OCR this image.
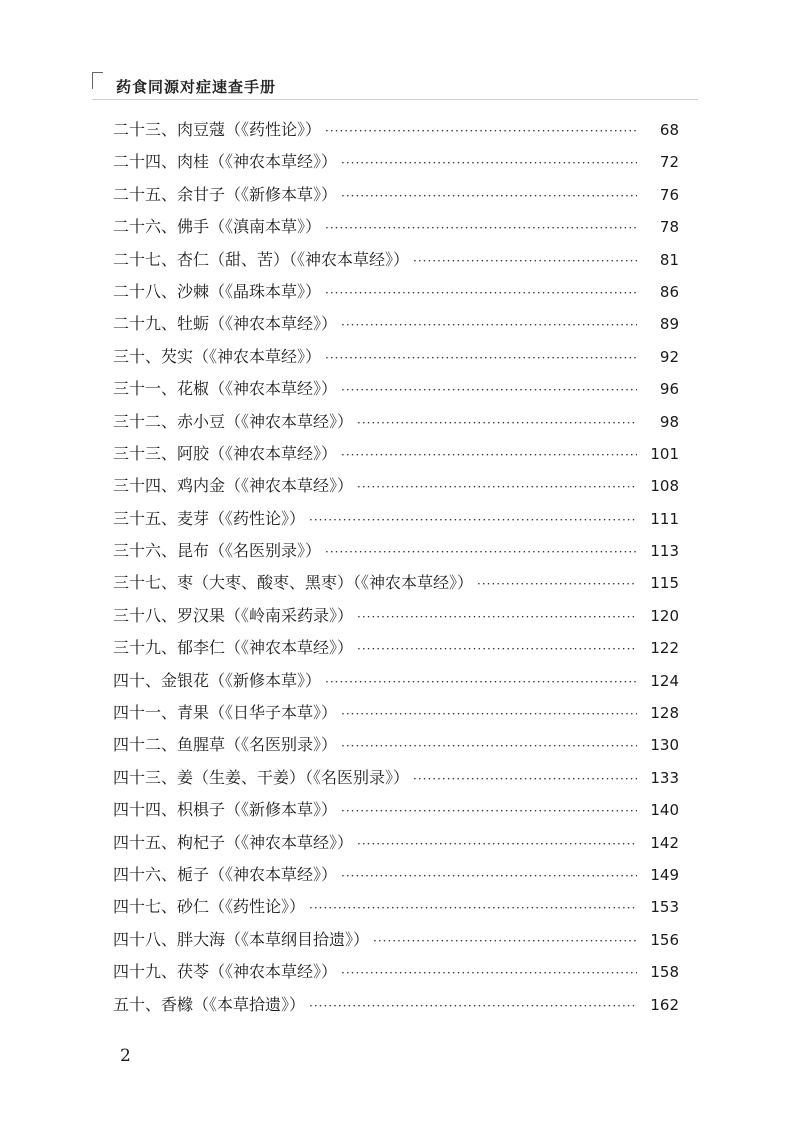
药食同源对症速查手册
二十三、肉豆蔻（《药性论》） ·····	68
二十四、肉桂（《神农本草经》） ·····	72
二十五、余甘子（《新修本草》） ·····	76
二十六、佛手（《滇南本草》） ·····	78
二十七、杏仁（甜、苦）（《神农本草经》） ·····	81
二十八、沙棘（《晶珠本草》） ·····	86
二十九、牡蛎（《神农本草经》） ·····	89
三十、芡实（《神农本草经》） ·····	92
三十一、花椒（《神农本草经》） ·····	96
三十二、赤小豆（《神农本草经》） ·····	98
三十三、阿胶（《神农本草经》） ·····	101
三十四、鸡内金（《神农本草经》） ·····	108
三十五、麦芽（《药性论》） ·····	111
三十六、昆布（《名医别录》） ·····	113
三十七、枣（大枣、酸枣、黑枣）（《神农本草经》） ·····	115
三十八、罗汉果（《岭南采药录》） ·····	120
三十九、郁李仁（《神农本草经》） ·····	122
四十、金银花（《新修本草》） ·····	124
四十一、青果（《日华子本草》） ·····	128
四十二、鱼腥草（《名医别录》） ·····	130
四十三、姜（生姜、干姜）（《名医别录》） ·····	133
四十四、枳椇子（《新修本草》） ·····	140
四十五、枸杞子（《神农本草经》） ·····	142
四十六、栀子（《神农本草经》） ·····	149
四十七、砂仁（《药性论》） ·····	153
四十八、胖大海（《本草纲目拾遗》） ·····	156
四十九、茯苓（《神农本草经》） ·····	158
五十、香橼（《本草拾遗》） ·····	162
2
